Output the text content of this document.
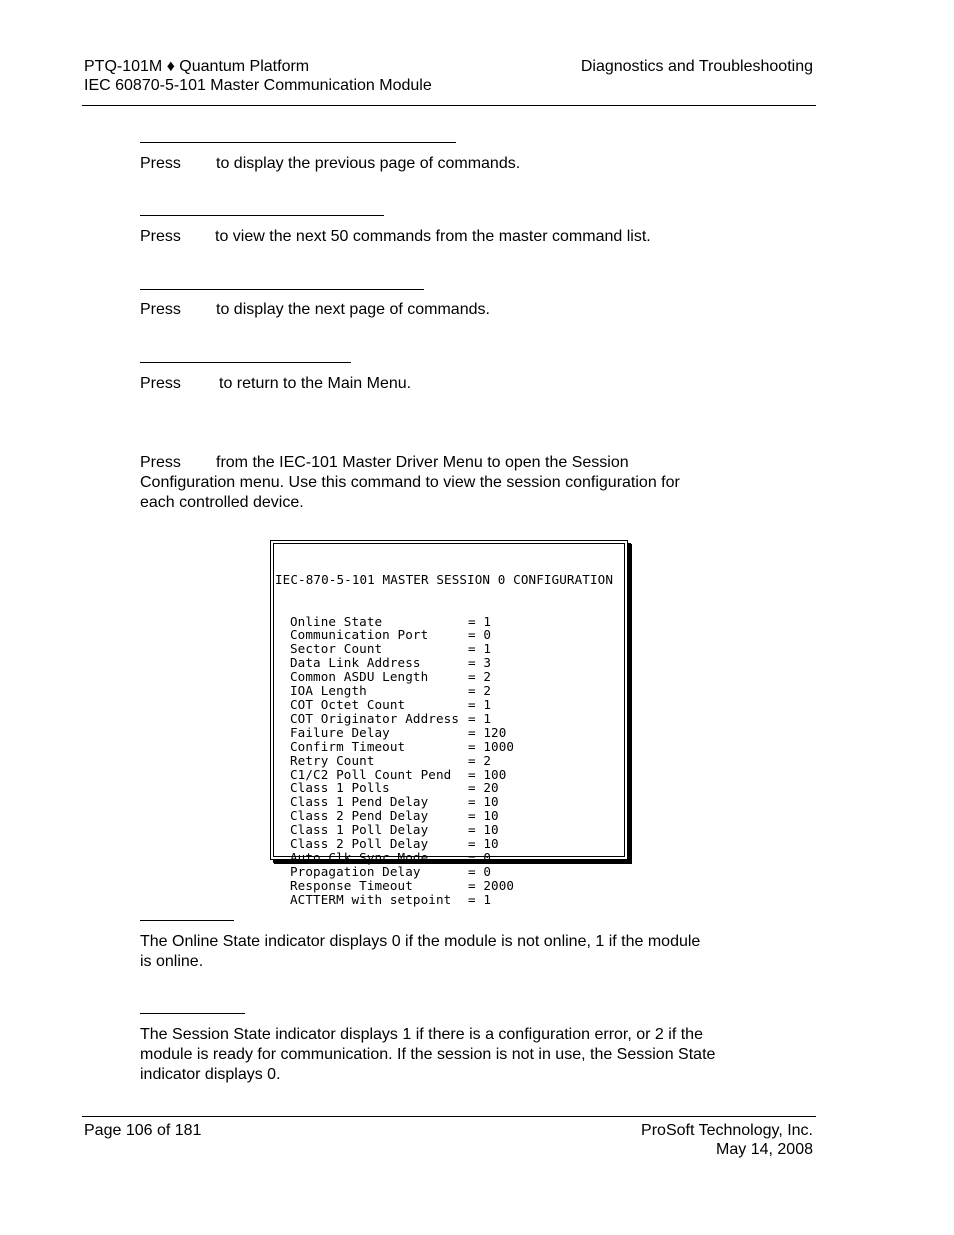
PTQ-101M ♦ Quantum Platform
IEC 60870-5-101 Master Communication Module
Diagnostics and Troubleshooting
Press to display the previous page of commands.
Press to view the next 50 commands from the master command list.
Press to display the next page of commands.
Press to return to the Main Menu.
Press from the IEC-101 Master Driver Menu to open the Session
Configuration menu. Use this command to view the session configuration for
each controlled device.

IEC-870-5-101 MASTER SESSION 0 CONFIGURATION

Online State	= 1
Communication Port	= 0
Sector Count	= 1
Data Link Address	= 3
Common ASDU Length	= 2
IOA Length	= 2
COT Octet Count	= 1
COT Originator Address = 1
Failure Delay	= 120
Confirm Timeout	= 1000
Retry Count	= 2
C1/C2 Poll Count Pend = 100
Class 1 Polls	= 20
Class 1 Pend Delay	= 10
Class 2 Pend Delay	= 10
Class 1 Poll Delay	= 10
Class 2 Poll Delay	= 10
Auto Clk Sync Mode	= 0
Propagation Delay	= 0
Response Timeout	= 2000
ACTTERM with setpoint = 1
The Online State indicator displays 0 if the module is not online, 1 if the module
is online.
The Session State indicator displays 1 if there is a configuration error, or 2 if the
module is ready for communication. If the session is not in use, the Session State
indicator displays 0.
Page 106 of 181	ProSoft Technology, Inc.
May 14, 2008
